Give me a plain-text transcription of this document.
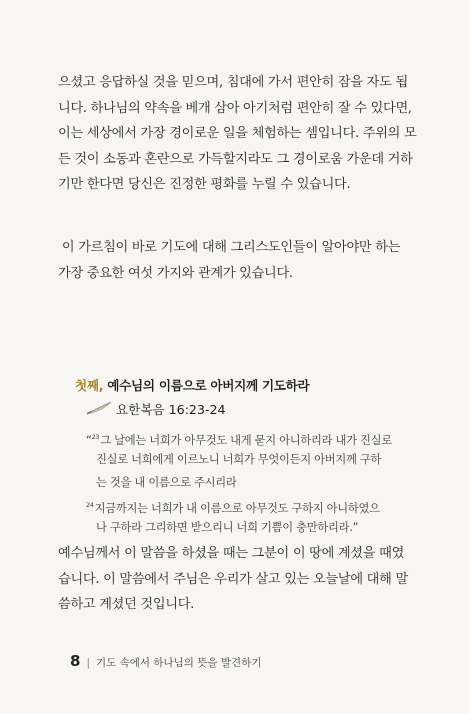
으셨고 응답하실 것을 믿으며, 침대에 가서 편안히 잠을 자도 됩
니다. 하나님의 약속을 베개 삼아 아기처럼 편안히 잘 수 있다면,
이는 세상에서 가장 경이로운 일을 체험하는 셈입니다. 주위의 모
든 것이 소동과 혼란으로 가득할지라도 그 경이로움 가운데 거하
기만 한다면 당신은 진정한 평화를 누릴 수 있습니다.
이 가르침이 바로 기도에 대해 그리스도인들이 알아야만 하는
가장 중요한 여섯 가지와 관계가 있습니다.
첫째, 예수님의 이름으로 아버지께 기도하라
요한복음 16:23-24
“$^{23}$그 날에는 너희가 아무것도 내게 묻지 아니하리라 내가 진실로
진실로 너희에게 이르노니 너희가 무엇이든지 아버지께 구하
는 것을 내 이름으로 주시리라
$^{24}$지금까지는 너희가 내 이름으로 아무것도 구하지 아니하였으
나 구하라 그리하면 받으리니 너희 기쁨이 충만하리라.”
예수님께서 이 말씀을 하셨을 때는 그분이 이 땅에 계셨을 때였
습니다. 이 말씀에서 주님은 우리가 살고 있는 오늘날에 대해 말
씀하고 계셨던 것입니다.
8 | 기도 속에서 하나님의 뜻을 발견하기
